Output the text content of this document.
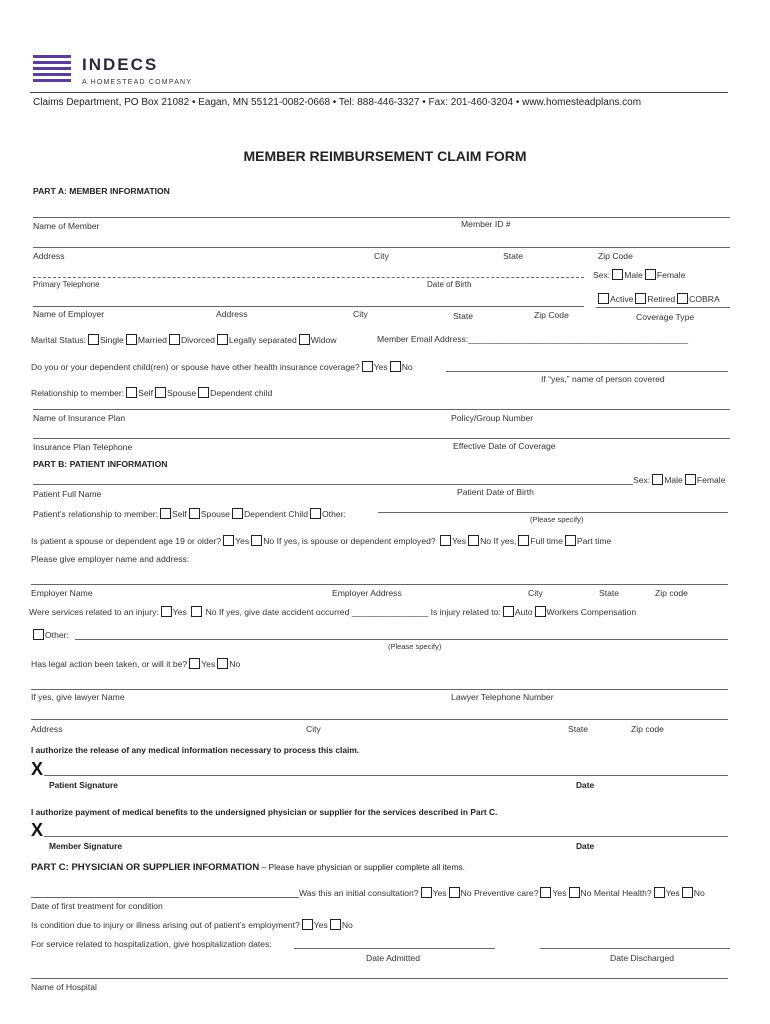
INDECS
A HOMESTEAD COMPANY
Claims Department, PO Box 21082 • Eagan, MN 55121-0082-0668 • Tel: 888-446-3327 • Fax: 201-460-3204 • www.homesteadplans.com
MEMBER REIMBURSEMENT CLAIM FORM
PART A: MEMBER INFORMATION
Name of Member	Member ID #
Address	City	State	Zip Code
Sex: Male Female
Primary Telephone	Date of Birth
Active Retired COBRA
Name of Employer	Address	City	State	Zip Code	Coverage Type
Marital Status: Single Married Divorced Legally separated Widow	Member Email Address:______________________________________________
Do you or your dependent child(ren) or spouse have other health insurance coverage? Yes No
If “yes,” name of person covered
Relationship to member: Self Spouse Dependent child
Name of Insurance Plan	Policy/Group Number
Insurance Plan Telephone	Effective Date of Coverage
PART B: PATIENT INFORMATION
Sex: Male Female
Patient Full Name	Patient Date of Birth
Patient’s relationship to member: Self Spouse Dependent Child Other:
(Please specify)
Is patient a spouse or dependent age 19 or older? Yes No If yes, is spouse or dependent employed? Yes No If yes, Full time Part time
Please give employer name and address:
Employer Name	Employer Address	City	State	Zip code
Were services related to an injury: Yes No If yes, give date accident occurred ________________ Is injury related to: Auto Workers Compensation
Other:
(Please specify)
Has legal action been taken, or will it be? Yes No
If yes, give lawyer Name	Lawyer Telephone Number
Address	City	State	Zip code
I authorize the release of any medical information necessary to process this claim.
X
Patient Signature	Date
I authorize payment of medical benefits to the undersigned physician or supplier for the services described in Part C.
X
Member Signature	Date
PART C: PHYSICIAN OR SUPPLIER INFORMATION – Please have physician or supplier complete all items.
Was this an initial consultation? Yes No Preventive care? Yes No Mental Health? Yes No
Date of first treatment for condition
Is condition due to injury or illness arising out of patient’s employment? Yes No
For service related to hospitalization, give hospitalization dates:
Date Admitted	Date Discharged
Name of Hospital
